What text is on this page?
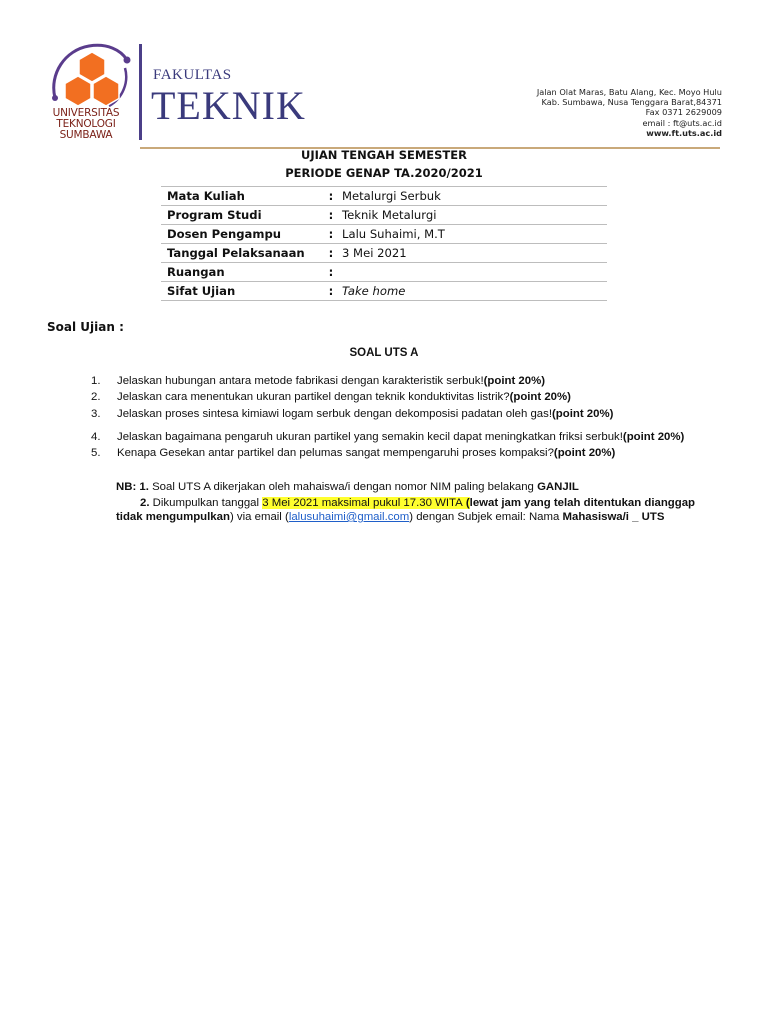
UNIVERSITAS
TEKNOLOGI
SUMBAWA
FAKULTAS
TEKNIK	Jalan Olat Maras, Batu Alang, Kec. Moyo Hulu
Kab. Sumbawa, Nusa Tenggara Barat,84371
Fax 0371 2629009
email : ft@uts.ac.id
www.ft.uts.ac.id
UJIAN TENGAH SEMESTER
PERIODE GENAP TA.2020/2021
Mata Kuliah	: Metalurgi Serbuk
Program Studi	: Teknik Metalurgi
Dosen Pengampu	: Lalu Suhaimi, M.T
Tanggal Pelaksanaan	: 3 Mei 2021
Ruangan	:
Sifat Ujian	: Take home
Soal Ujian :
SOAL UTS A
1.	Jelaskan hubungan antara metode fabrikasi dengan karakteristik serbuk! (point 20%)
2.	Jelaskan cara menentukan ukuran partikel dengan teknik konduktivitas listrik? (point 20%)
3.	Jelaskan proses sintesa kimiawi logam serbuk dengan dekomposisi padatan oleh gas! (point 20%)
4.	Jelaskan bagaimana pengaruh ukuran partikel yang semakin kecil dapat meningkatkan friksi serbuk! (point 20%)
5.	Kenapa Gesekan antar partikel dan pelumas sangat mempengaruhi proses kompaksi? (point 20%)
NB: 1. Soal UTS A dikerjakan oleh mahaiswa/i dengan nomor NIM paling belakang GANJIL
2. Dikumpulkan tanggal 3 Mei 2021 maksimal pukul 17.30 WITA (lewat jam yang telah ditentukan dianggap
tidak mengumpulkan) via email (lalusuhaimi@gmail.com) dengan Subjek email: Nama Mahasiswa/i _ UTS
